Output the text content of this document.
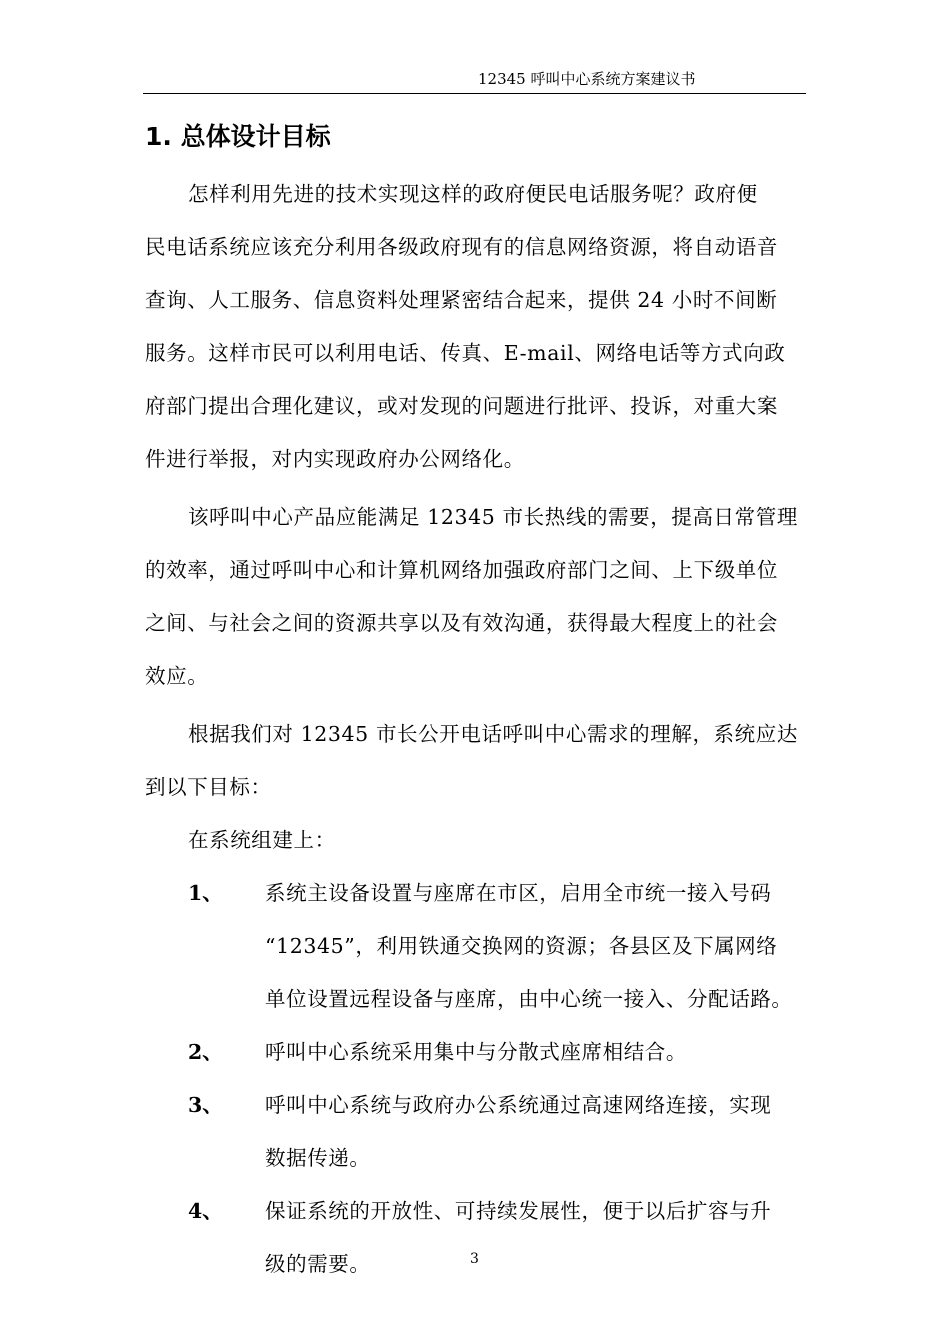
12345 呼叫中心系统方案建议书
1. 总体设计目标
怎样利用先进的技术实现这样的政府便民电话服务呢？政府便
民电话系统应该充分利用各级政府现有的信息网络资源，将自动语音
查询、人工服务、信息资料处理紧密结合起来，提供 24 小时不间断
服务。这样市民可以利用电话、传真、E-mail、网络电话等方式向政
府部门提出合理化建议，或对发现的问题进行批评、投诉，对重大案
件进行举报，对内实现政府办公网络化。
该呼叫中心产品应能满足 12345 市长热线的需要，提高日常管理
的效率，通过呼叫中心和计算机网络加强政府部门之间、上下级单位
之间、与社会之间的资源共享以及有效沟通，获得最大程度上的社会
效应。
根据我们对 12345 市长公开电话呼叫中心需求的理解，系统应达
到以下目标：
在系统组建上：
1、 系统主设备设置与座席在市区，启用全市统一接入号码
“12345”，利用铁通交换网的资源；各县区及下属网络
单位设置远程设备与座席，由中心统一接入、分配话路。
2、 呼叫中心系统采用集中与分散式座席相结合。
3、 呼叫中心系统与政府办公系统通过高速网络连接，实现
数据传递。
4、 保证系统的开放性、可持续发展性，便于以后扩容与升
级的需要。	3
